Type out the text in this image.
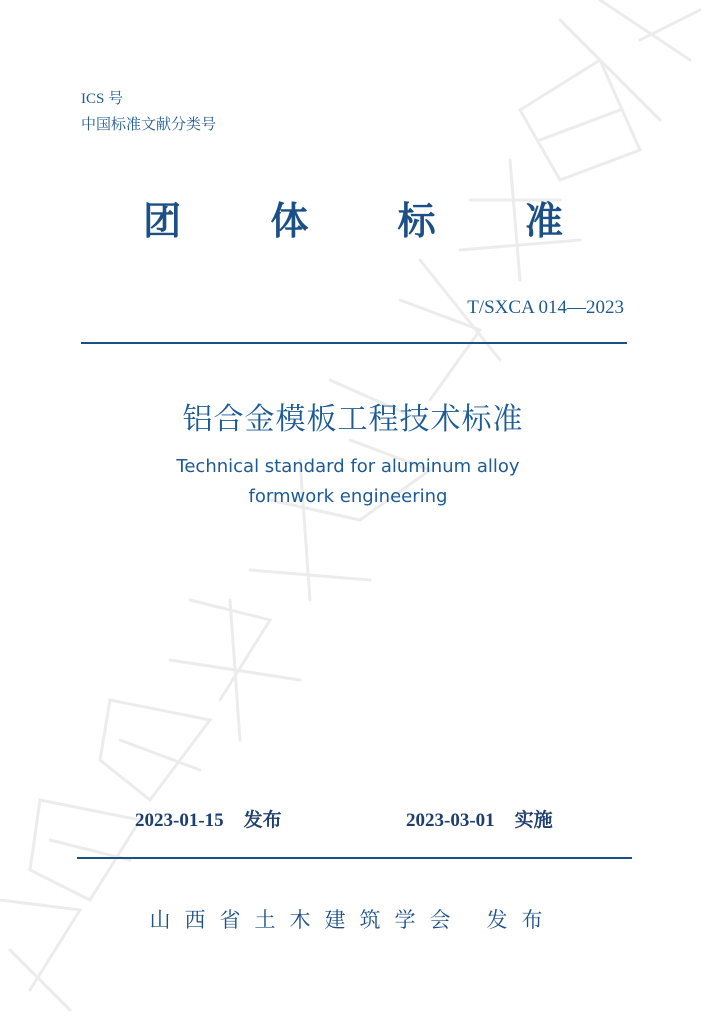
ICS 号
中国标准文献分类号
团 体 标 准
T/SXCA 014—2023
铝合金模板工程技术标准
Technical standard for aluminum alloy
formwork engineering
2023-01-15 发布	2023-03-01 实施
山西省土木建筑学会 发布
